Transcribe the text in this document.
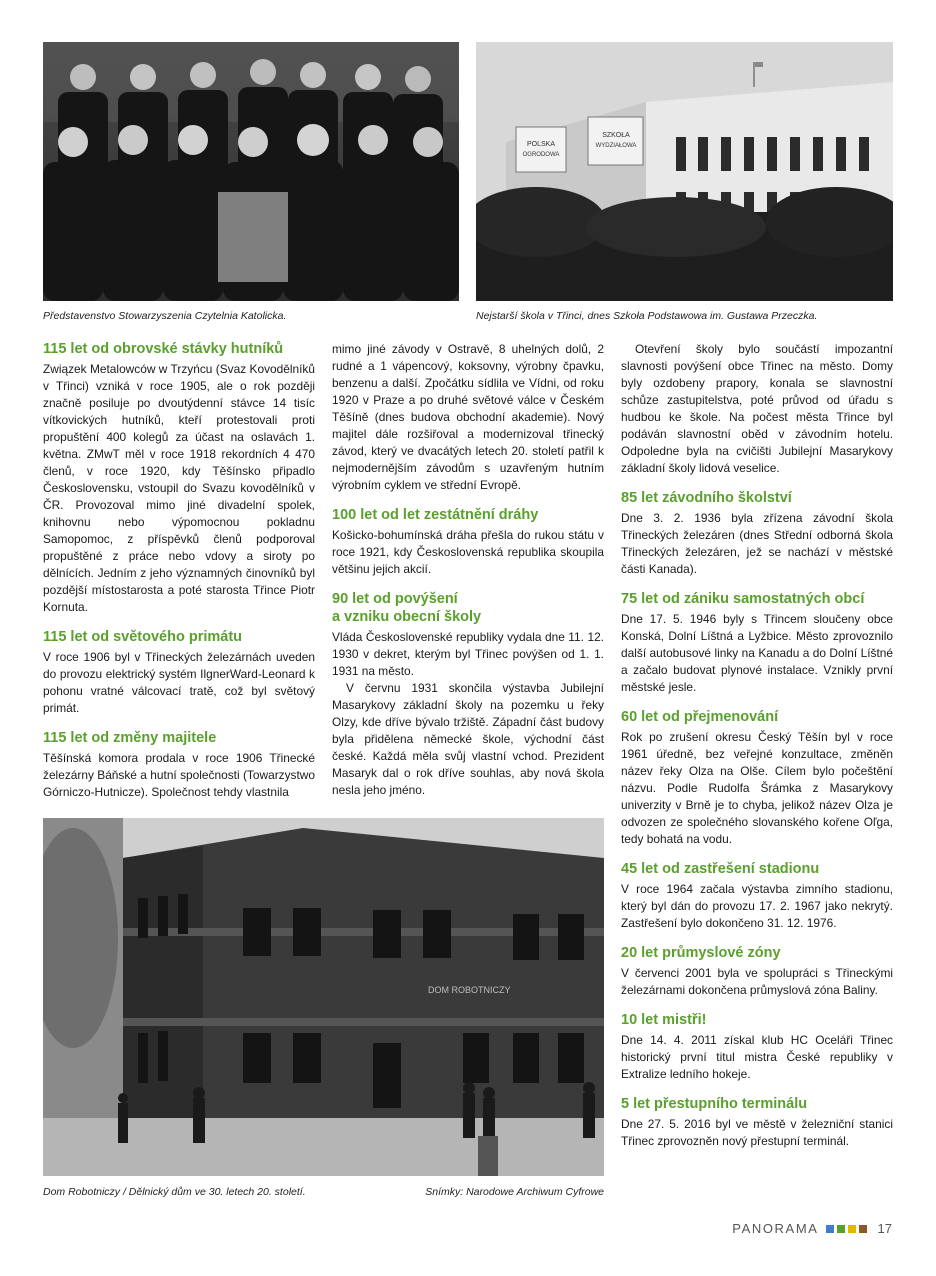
Představenstvo Stowarzyszenia Czytelnia Katolicka.
POLSKA
OGRODOWA
SZKOŁA
WYDZIAŁOWA
Nejstarší škola v Třinci, dnes Szkoła Podstawowa im. Gustawa Przeczka.
115 let od obrovské stávky hutníků

Związek Metalowców w Trzyńcu (Svaz Kovodělníků v Třinci) vzniká v roce 1905, ale o rok později značně posiluje po dvoutýdenní stávce 14 tisíc vítkovických hutníků, kteří protestovali proti propuštění 400 kolegů za účast na oslavách 1. května. ZMwT měl v roce 1918 rekordních 4 470 členů, v roce 1920, kdy Těšínsko připadlo Československu, vstoupil do Svazu kovodělníků v ČR. Provozoval mimo jiné divadelní spolek, knihovnu nebo výpomocnou pokladnu Samopomoc, z příspěvků členů podporoval propuštěné z práce nebo vdovy a siroty po dělnících. Jedním z jeho významných činovníků byl pozdější místostarosta a poté starosta Třince Piotr Kornuta.

115 let od světového primátu

V roce 1906 byl v Třineckých železárnách uveden do provozu elektrický systém IlgnerWard-Leonard k pohonu vratné válcovací tratě, což byl světový primát.

115 let od změny majitele

Těšínská komora prodala v roce 1906 Třinecké železárny Báňské a hutní společnosti (Towarzystwo Górniczo-Hutnicze). Společnost tehdy vlastnila

mimo jiné závody v Ostravě, 8 uhelných dolů, 2 rudné a 1 vápencový, koksovny, výrobny čpavku, benzenu a další. Zpočátku sídlila ve Vídni, od roku 1920 v Praze a po druhé světové válce v Českém Těšíně (dnes budova obchodní akademie). Nový majitel dále rozšiřoval a modernizoval třinecký závod, který ve dvacátých letech 20. století patřil k nejmodernějším závodům s uzavřeným hutním výrobním cyklem ve střední Evropě.

100 let od let zestátnění dráhy

Košicko-bohumínská dráha přešla do rukou státu v roce 1921, kdy Československá republika skoupila většinu jejich akcií.

90 let od povýšení
a vzniku obecní školy

Vláda Československé republiky vydala dne 11. 12. 1930 v dekret, kterým byl Třinec povýšen od 1. 1. 1931 na město.

V červnu 1931 skončila výstavba Jubilejní Masarykovy základní školy na pozemku u řeky Olzy, kde dříve bývalo tržiště. Západní část budovy byla přidělena německé škole, východní část české. Každá měla svůj vlastní vchod. Prezident Masaryk dal o rok dříve souhlas, aby nová škola nesla jeho jméno.

Otevření školy bylo součástí impozantní slavnosti povýšení obce Třinec na město. Domy byly ozdobeny prapory, konala se slavnostní schůze zastupitelstva, poté průvod od úřadu s hudbou ke škole. Na počest města Třince byl podáván slavnostní oběd v závodním hotelu. Odpoledne byla na cvičišti Jubilejní Masarykovy základní školy lidová veselice.

85 let závodního školství

Dne 3. 2. 1936 byla zřízena závodní škola Třineckých železáren (dnes Střední odborná škola Třineckých železáren, jež se nachází v městské části Kanada).

75 let od zániku samostatných obcí

Dne 17. 5. 1946 byly s Třincem sloučeny obce Konská, Dolní Líštná a Lyžbice. Město zprovoznilo další autobusové linky na Kanadu a do Dolní Líštné a začalo budovat plynové instalace. Vznikly první městské jesle.

60 let od přejmenování

Rok po zrušení okresu Český Těšín byl v roce 1961 úředně, bez veřejné konzultace, změněn název řeky Olza na Olše. Cílem bylo počeštění názvu. Podle Rudolfa Šrámka z Masarykovy univerzity v Brně je to chyba, jelikož název Olza je odvozen ze společného slovanského kořene Oľga, tedy bohatá na vodu.

45 let od zastřešení stadionu

V roce 1964 začala výstavba zimního stadionu, který byl dán do provozu 17. 2. 1967 jako nekrytý. Zastřešení bylo dokončeno 31. 12. 1976.

20 let průmyslové zóny

V červenci 2001 byla ve spolupráci s Třineckými železárnami dokončena průmyslová zóna Baliny.

10 let mistři!

Dne 14. 4. 2011 získal klub HC Oceláři Třinec historický první titul mistra České republiky v Extralize ledního hokeje.

5 let přestupního terminálu

Dne 27. 5. 2016 byl ve městě v železniční stanici Třinec zprovozněn nový přestupní terminál.

DOM ROBOTNICZY
Dom Robotniczy / Dělnický dům ve 30. letech 20. století.	Snímky: Narodowe Archiwum Cyfrowe
PANORAMA	17
